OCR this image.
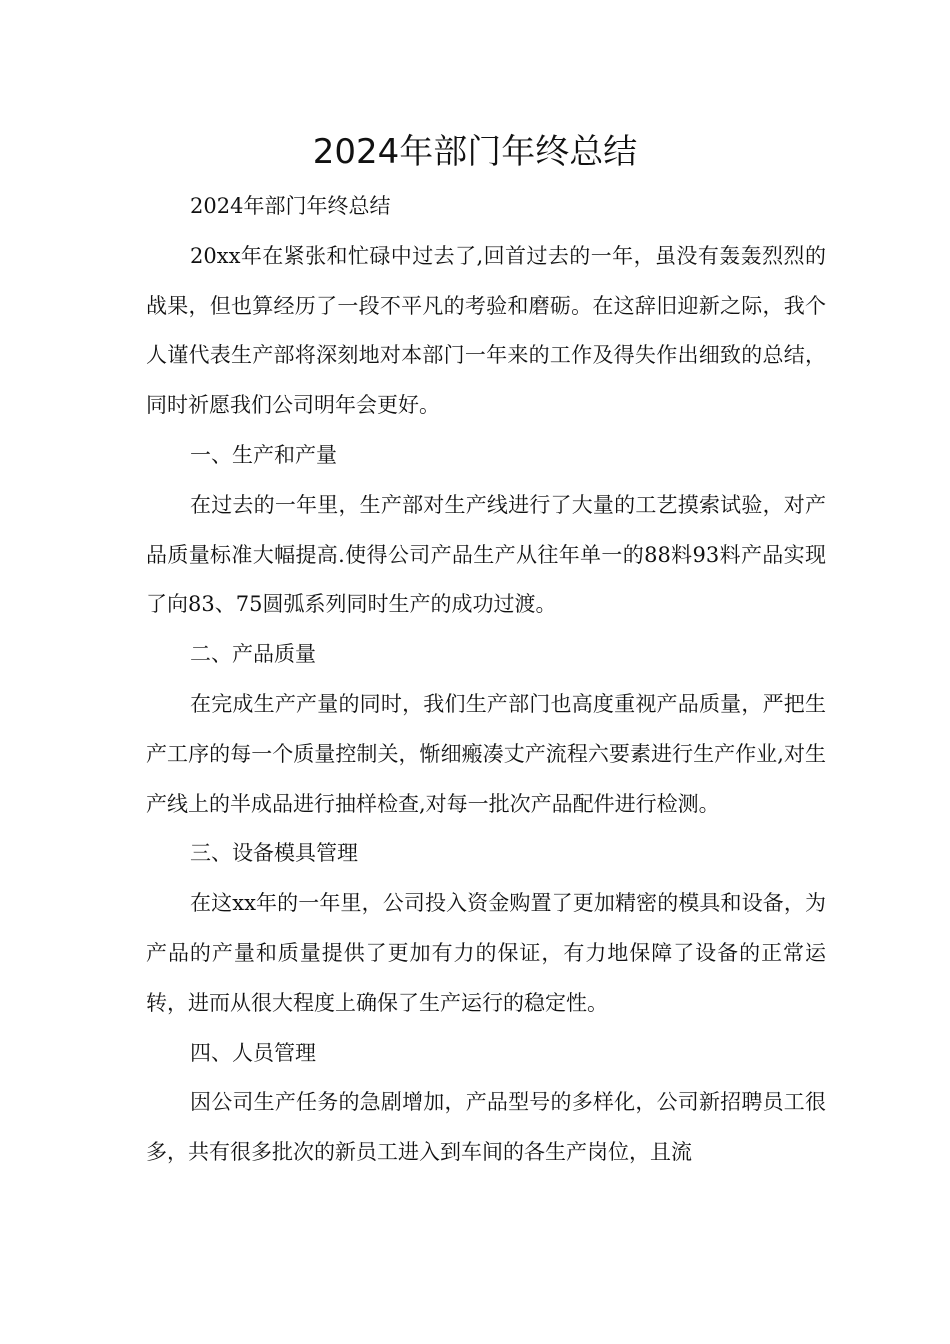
2024年部门年终总结

2024年部门年终总结

20xx年在紧张和忙碌中过去了,回首过去的一年，虽没有轰轰烈烈的战果，但也算经历了一段不平凡的考验和磨砺。在这辞旧迎新之际，我个人谨代表生产部将深刻地对本部门一年来的工作及得失作出细致的总结，同时祈愿我们公司明年会更好。

一、生产和产量

在过去的一年里，生产部对生产线进行了大量的工艺摸索试验，对产品质量标准大幅提高.使得公司产品生产从往年单一的88料93料产品实现了向83、75圆弧系列同时生产的成功过渡。

二、产品质量

在完成生产产量的同时，我们生产部门也高度重视产品质量，严把生产工序的每一个质量控制关，惭细瘢凑丈产流程六要素进行生产作业,对生产线上的半成品进行抽样检查,对每一批次产品配件进行检测。

三、设备模具管理

在这xx年的一年里，公司投入资金购置了更加精密的模具和设备，为产品的产量和质量提供了更加有力的保证，有力地保障了设备的正常运转，进而从很大程度上确保了生产运行的稳定性。

四、人员管理

因公司生产任务的急剧增加，产品型号的多样化，公司新招聘员工很多，共有很多批次的新员工进入到车间的各生产岗位，且流
